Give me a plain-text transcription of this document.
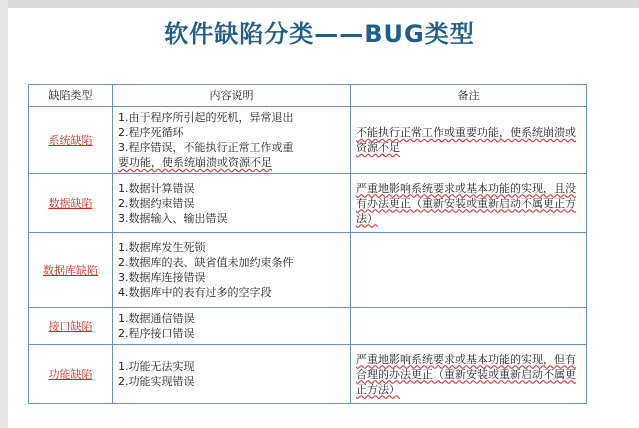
软件缺陷分类——BUG类型
缺陷类型	内容说明	备注
系统缺陷	1.由于程序所引起的死机，异常退出
2.程序死循环
3.程序错误，不能执行正常工作或重
要功能，使系统崩溃或资源不足	不能执行正常工作或重要功能，使系统崩溃或资源不足
数据缺陷	1.数据计算错误
2.数据约束错误
3.数据输入、输出错误	严重地影响系统要求或基本功能的实现，且没有办法更正（重新安装或重新启动不属更正方法）
数据库缺陷	1.数据库发生死锁
2.数据库的表、缺省值未加约束条件
3.数据库连接错误
4.数据库中的表有过多的空字段	

接口缺陷	1.数据通信错误
2.程序接口错误	

功能缺陷	1.功能无法实现
2.功能实现错误	严重地影响系统要求或基本功能的实现，但有合理的办法更正（重新安装或重新启动不属更正方法）
